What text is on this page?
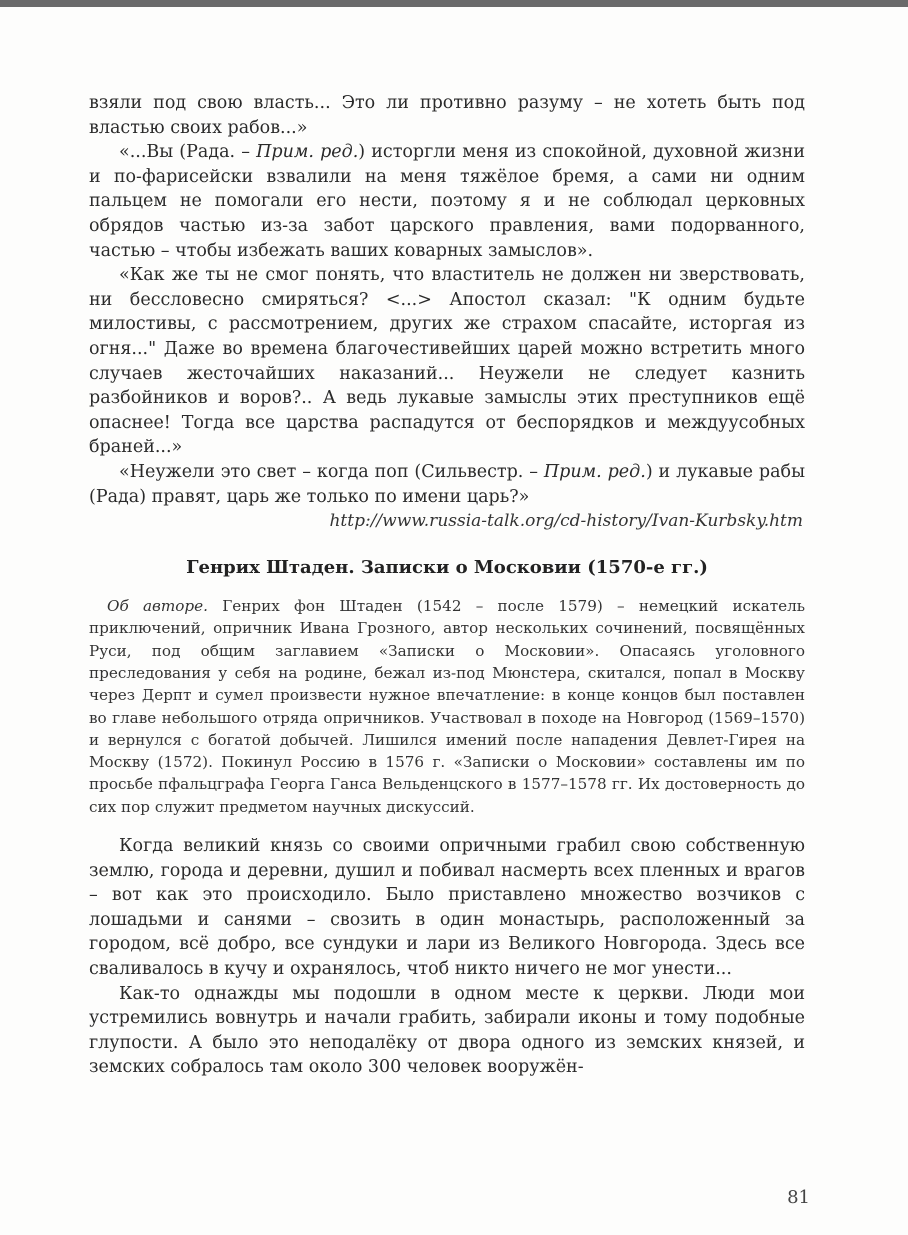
взяли под свою власть... Это ли противно разуму – не хотеть быть под властью своих рабов...»

«...Вы (Рада. – Прим. ред.) исторгли меня из спокойной, духовной жизни и по-фарисейски взвалили на меня тяжёлое бремя, а сами ни одним пальцем не помогали его нести, поэтому я и не соблюдал церковных обрядов частью из-за забот царского правления, вами подорванного, частью – чтобы избежать ваших коварных замыслов».

«Как же ты не смог понять, что властитель не должен ни зверствовать, ни бессловесно смиряться? <...> Апостол сказал: "К одним будьте милостивы, с рассмотрением, других же страхом спасайте, исторгая из огня..." Даже во времена благочестивейших царей можно встретить много случаев жесточайших наказаний... Неужели не следует казнить разбойников и воров?.. А ведь лукавые замыслы этих преступников ещё опаснее! Тогда все царства распадутся от беспорядков и междуусобных браней...»

«Неужели это свет – когда поп (Сильвестр. – Прим. ред.) и лукавые рабы (Рада) правят, царь же только по имени царь?»

http://www.russia-talk.org/cd-history/Ivan-Kurbsky.htm

Генрих Штаден. Записки о Московии (1570-е гг.)

Об авторе. Генрих фон Штаден (1542 – после 1579) – немецкий искатель приключений, опричник Ивана Грозного, автор нескольких сочинений, посвящённых Руси, под общим заглавием «Записки о Московии». Опасаясь уголовного преследования у себя на родине, бежал из-под Мюнстера, скитался, попал в Москву через Дерпт и сумел произвести нужное впечатление: в конце концов был поставлен во главе небольшого отряда опричников. Участвовал в походе на Новгород (1569–1570) и вернулся с богатой добычей. Лишился имений после нападения Девлет-Гирея на Москву (1572). Покинул Россию в 1576 г. «Записки о Московии» составлены им по просьбе пфальцграфа Георга Ганса Вельденцского в 1577–1578 гг. Их достоверность до сих пор служит предметом научных дискуссий.

Когда великий князь со своими опричными грабил свою собственную землю, города и деревни, душил и побивал насмерть всех пленных и врагов – вот как это происходило. Было приставлено множество возчиков с лошадьми и санями – свозить в один монастырь, расположенный за городом, всё добро, все сундуки и лари из Великого Новгорода. Здесь все сваливалось в кучу и охранялось, чтоб никто ничего не мог унести...

Как-то однажды мы подошли в одном месте к церкви. Люди мои устремились вовнутрь и начали грабить, забирали иконы и тому подобные глупости. А было это неподалёку от двора одного из земских князей, и земских собралось там около 300 человек вооружён-

81
